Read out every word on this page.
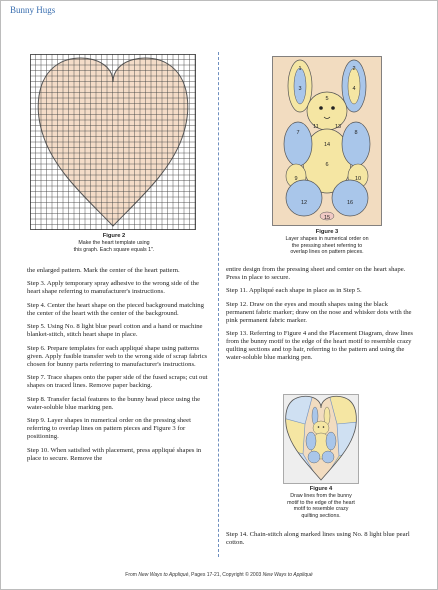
Bunny Hugs
Figure 2
Make the heart template using
this graph. Each square equals 1".
1	2
3	4
5
6
7	8
9	10
11
12
13
14
15
16
Figure 3
Layer shapes in numerical order on
the pressing sheet referring to
overlap lines on pattern pieces.

the enlarged pattern. Mark the center of the heart pattern.

Step 3. Apply temporary spray adhesive to the wrong side of the heart shape referring to manufacturer's instructions.

Step 4. Center the heart shape on the pieced background matching the center of the heart with the center of the background.

Step 5. Using No. 8 light blue pearl cotton and a hand or machine blanket-stitch, stitch heart shape in place.

Step 6. Prepare templates for each appliqué shape using patterns given. Apply fusible transfer web to the wrong side of scrap fabrics chosen for bunny parts referring to manufacturer's instructions.

Step 7. Trace shapes onto the paper side of the fused scraps; cut out shapes on traced lines. Remove paper backing.

Step 8. Transfer facial features to the bunny head piece using the water-soluble blue marking pen.

Step 9. Layer shapes in numerical order on the pressing sheet referring to overlap lines on pattern pieces and Figure 3 for positioning.

Step 10. When satisfied with placement, press appliqué shapes in place to secure. Remove the

entire design from the pressing sheet and center on the heart shape. Press in place to secure.

Step 11. Appliqué each shape in place as in Step 5.

Step 12. Draw on the eyes and mouth shapes using the black permanent fabric marker; draw on the nose and whisker dots with the pink permanent fabric marker.

Step 13. Referring to Figure 4 and the Placement Diagram, draw lines from the bunny motif to the edge of the heart motif to resemble crazy quilting sections and top hair, referring to the pattern and using the water-soluble blue marking pen.

Figure 4
Draw lines from the bunny
motif to the edge of the heart
motif to resemble crazy
quilting sections.

Step 14. Chain-stitch along marked lines using No. 8 light blue pearl cotton.

From New Ways to Appliqué, Pages 17-21, Copyright © 2003 New Ways to Appliqué
